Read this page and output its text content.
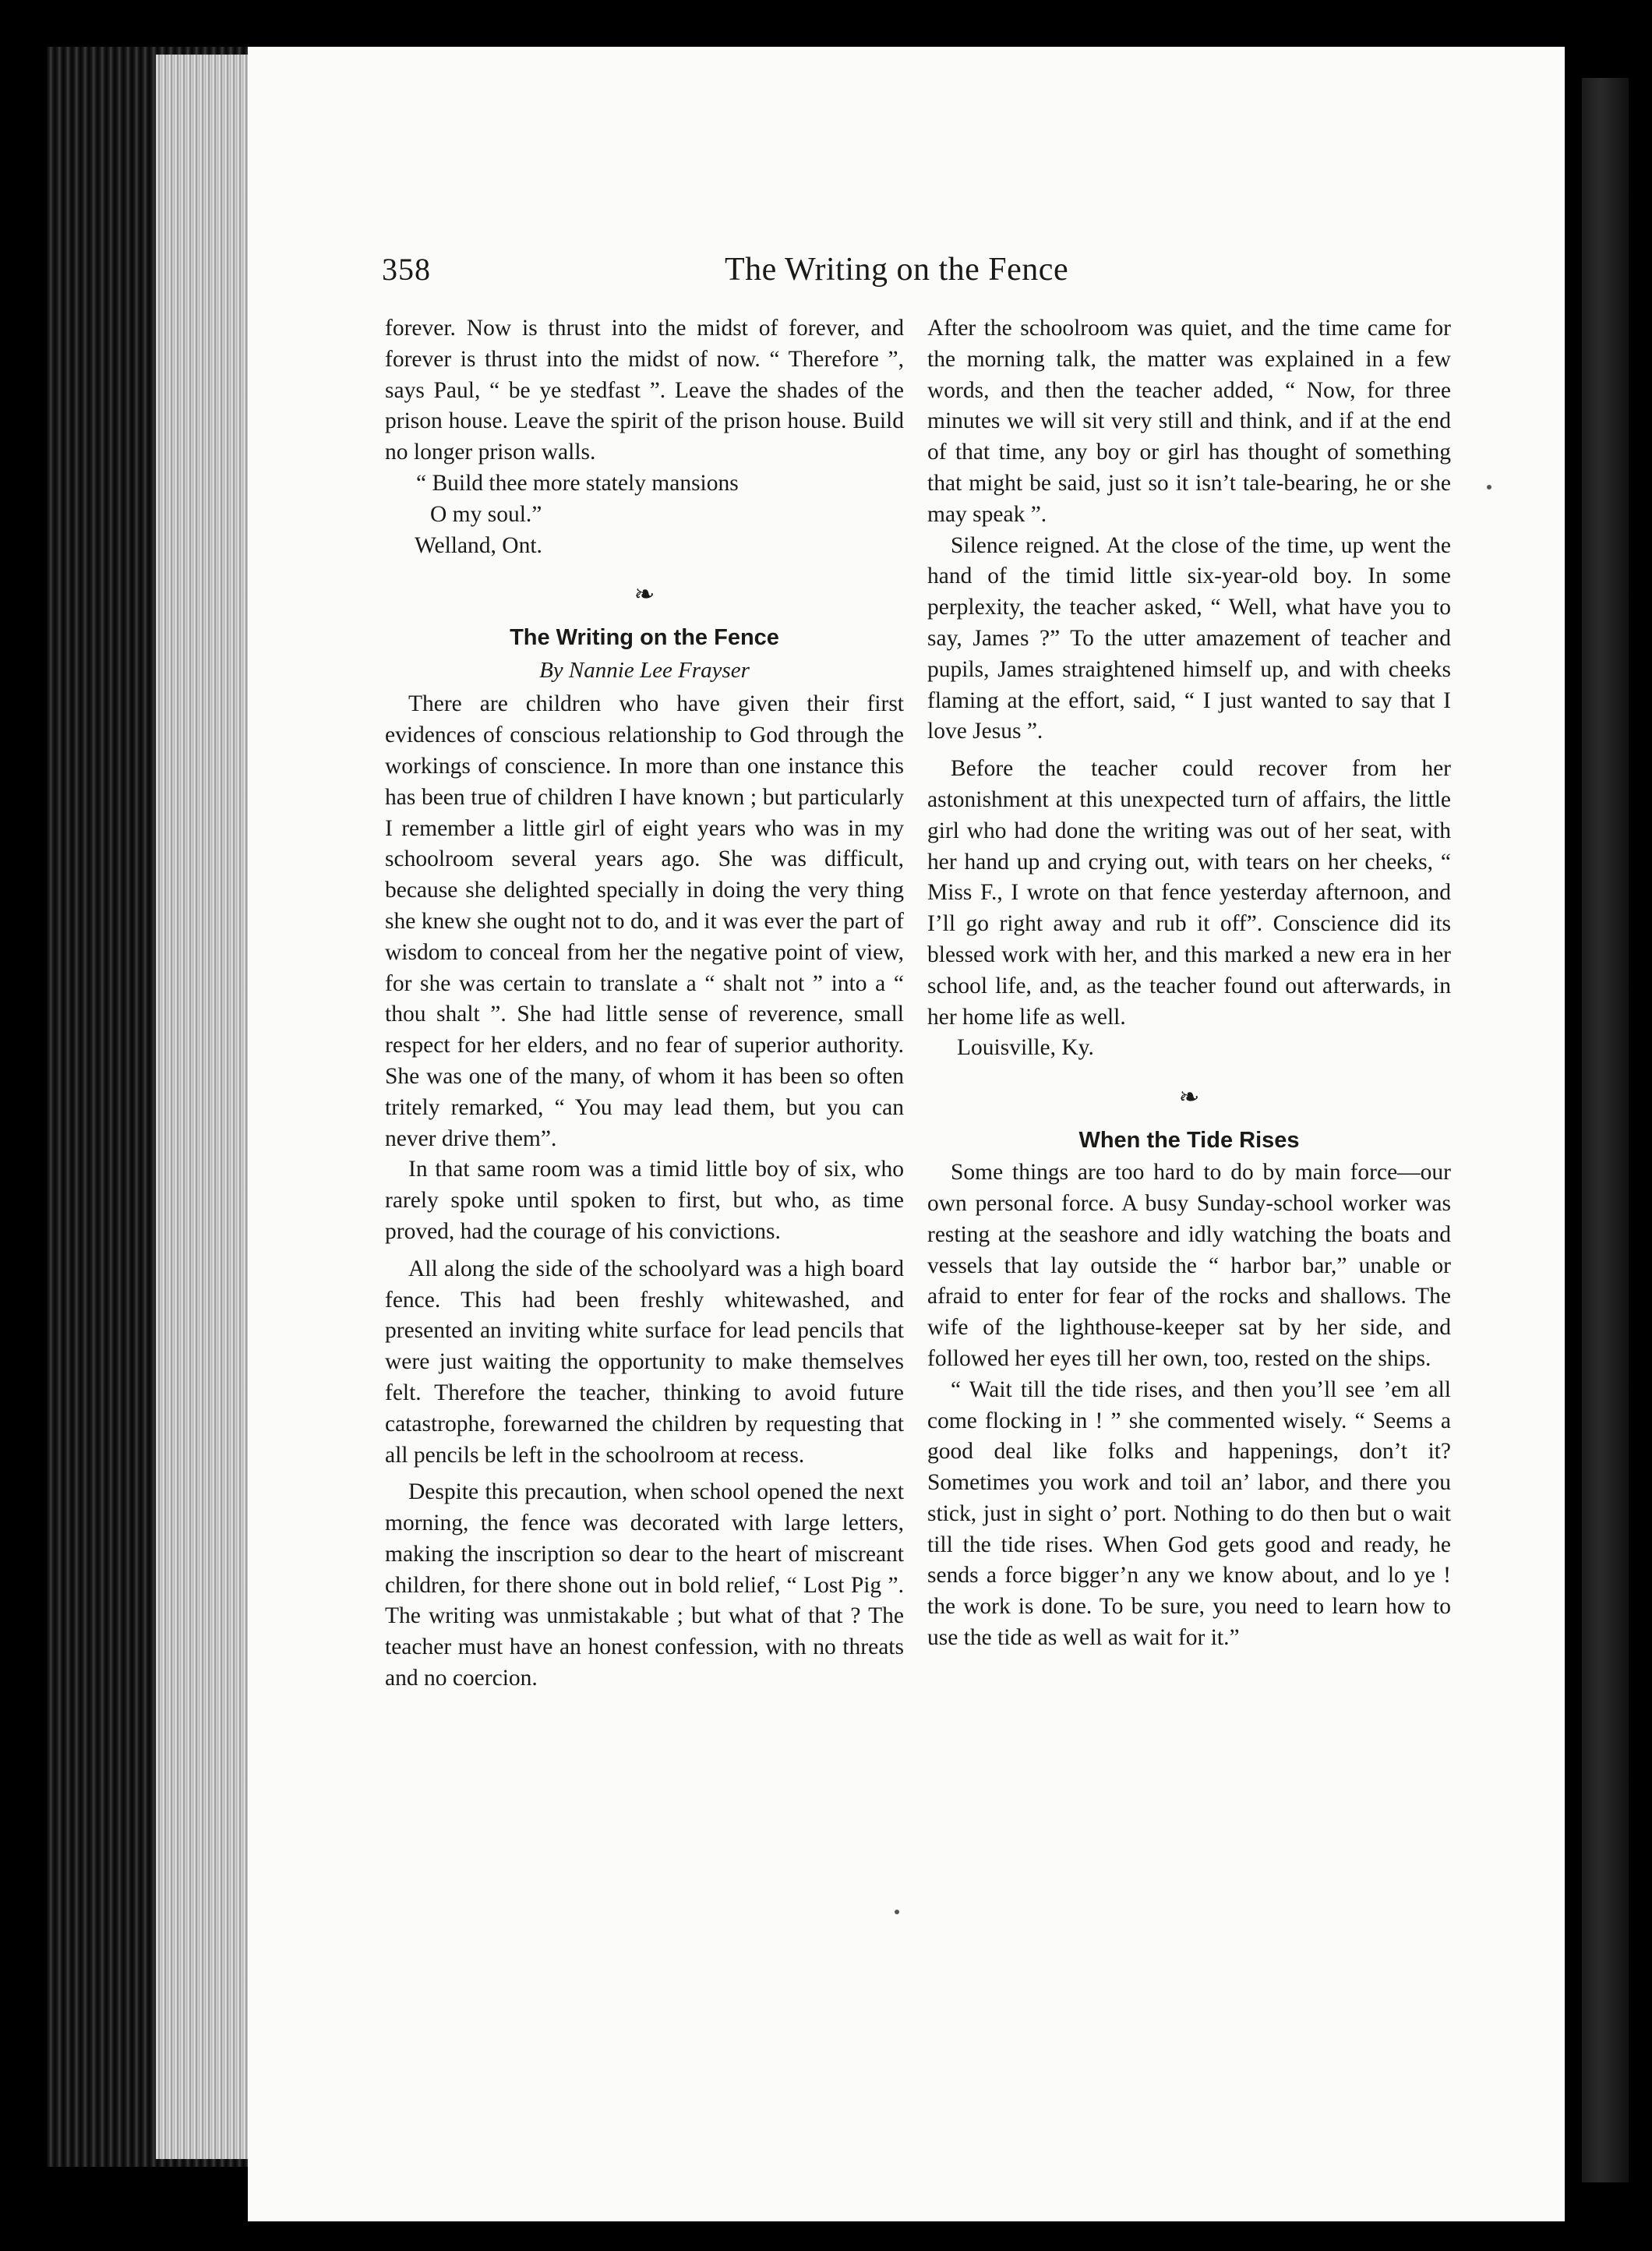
358	The Writing on the Fence

forever. Now is thrust into the midst of forever, and forever is thrust into the midst of now. “ Therefore ”, says Paul, “ be ye stedfast ”. Leave the shades of the prison house. Leave the spirit of the prison house. Build no longer prison walls.

“ Build thee more stately mansions

O my soul.”

Welland, Ont.

❧
The Writing on the Fence
By Nannie Lee Frayser

There are children who have given their first evidences of conscious relationship to God through the workings of conscience. In more than one instance this has been true of children I have known ; but particularly I remember a little girl of eight years who was in my schoolroom several years ago. She was difficult, because she delighted specially in doing the very thing she knew she ought not to do, and it was ever the part of wisdom to conceal from her the negative point of view, for she was certain to translate a “ shalt not ” into a “ thou shalt ”. She had little sense of reverence, small respect for her elders, and no fear of superior authority. She was one of the many, of whom it has been so often tritely remarked, “ You may lead them, but you can never drive them”.

In that same room was a timid little boy of six, who rarely spoke until spoken to first, but who, as time proved, had the courage of his convictions.

All along the side of the schoolyard was a high board fence. This had been freshly whitewashed, and presented an inviting white surface for lead pencils that were just waiting the opportunity to make themselves felt. Therefore the teacher, thinking to avoid future catastrophe, forewarned the children by requesting that all pencils be left in the schoolroom at recess.

Despite this precaution, when school opened the next morning, the fence was decorated with large letters, making the inscription so dear to the heart of miscreant children, for there shone out in bold relief, “ Lost Pig ”. The writing was unmistakable ; but what of that ? The teacher must have an honest confession, with no threats and no coercion.

After the schoolroom was quiet, and the time came for the morning talk, the matter was explained in a few words, and then the teacher added, “ Now, for three minutes we will sit very still and think, and if at the end of that time, any boy or girl has thought of something that might be said, just so it isn’t tale-bearing, he or she may speak ”.

Silence reigned. At the close of the time, up went the hand of the timid little six-year-old boy. In some perplexity, the teacher asked, “ Well, what have you to say, James ?” To the utter amazement of teacher and pupils, James straightened himself up, and with cheeks flaming at the effort, said, “ I just wanted to say that I love Jesus ”.

Before the teacher could recover from her astonishment at this unexpected turn of affairs, the little girl who had done the writing was out of her seat, with her hand up and crying out, with tears on her cheeks, “ Miss F., I wrote on that fence yesterday afternoon, and I’ll go right away and rub it off”. Conscience did its blessed work with her, and this marked a new era in her school life, and, as the teacher found out afterwards, in her home life as well.

Louisville, Ky.

❧
When the Tide Rises

Some things are too hard to do by main force—our own personal force. A busy Sunday-school worker was resting at the seashore and idly watching the boats and vessels that lay outside the “ harbor bar,” unable or afraid to enter for fear of the rocks and shallows. The wife of the lighthouse-keeper sat by her side, and followed her eyes till her own, too, rested on the ships.

“ Wait till the tide rises, and then you’ll see ’em all come flocking in ! ” she commented wisely. “ Seems a good deal like folks and happenings, don’t it? Sometimes you work and toil an’ labor, and there you stick, just in sight o’ port. Nothing to do then but o wait till the tide rises. When God gets good and ready, he sends a force bigger’n any we know about, and lo ye ! the work is done. To be sure, you need to learn how to use the tide as well as wait for it.”
